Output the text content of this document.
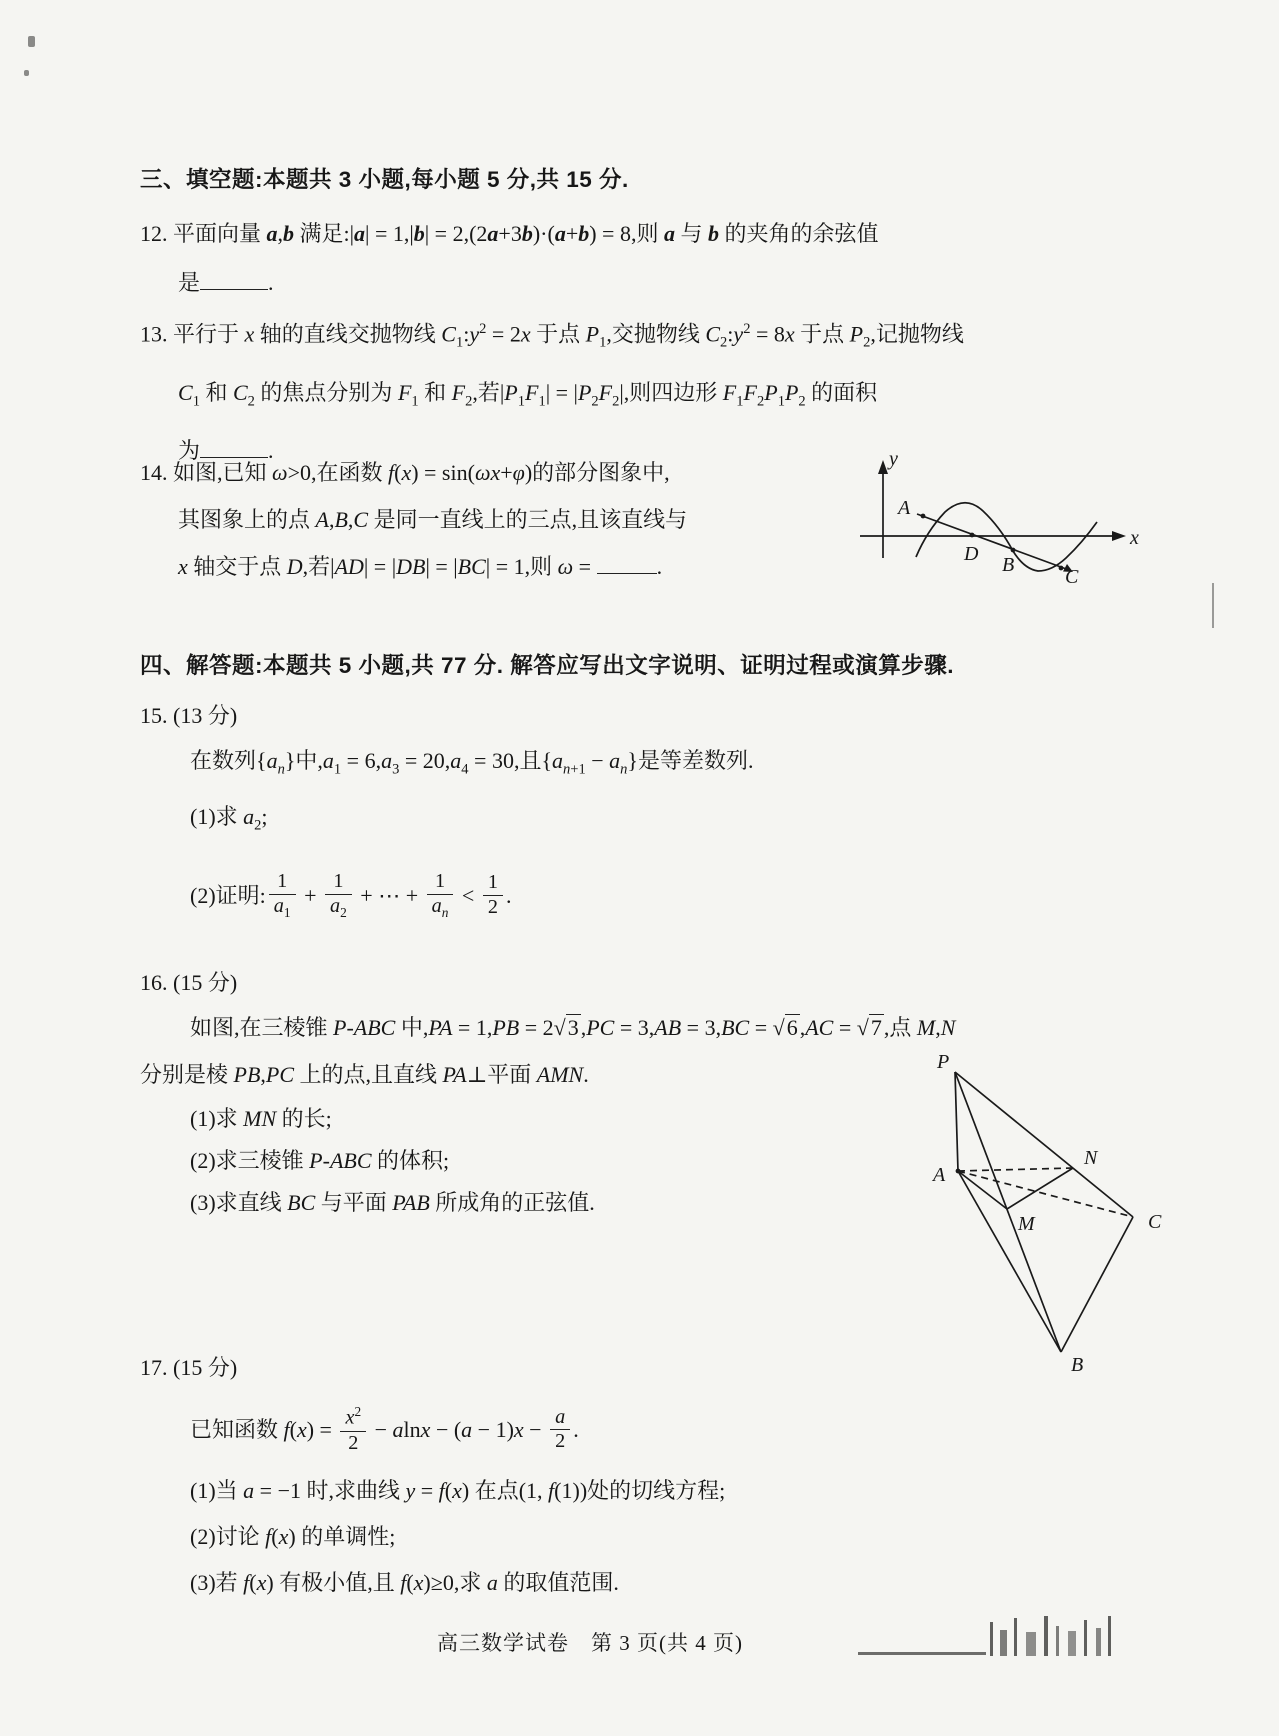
三、填空题:本题共 3 小题,每小题 5 分,共 15 分.
12. 平面向量 a,b 满足:|a| = 1,|b| = 2,(2a+3b)·(a+b) = 8,则 a 与 b 的夹角的余弦值
是	.
13. 平行于 x 轴的直线交抛物线 $C_1:y^2 = 2x$ 于点 $P_1$,交抛物线 $C_2:y^2 = 8x$ 于点 $P_2$,记抛物线
$C_1$ 和 $C_2$ 的焦点分别为 $F_1$ 和 $F_2$,若$|P_1F_1| = |P_2F_2|$,则四边形 $F_1F_2P_1P_2$ 的面积
为	.
14. 如图,已知 ω>0,在函数 f(x) = sin(ωx+φ)的部分图象中,
其图象上的点 A,B,C 是同一直线上的三点,且该直线与
x 轴交于点 D,若|AD| = |DB| = |BC| = 1,则 ω =	.
y
x
A
D B
C
四、解答题:本题共 5 小题,共 77 分. 解答应写出文字说明、证明过程或演算步骤.
15. (13 分)
在数列$\{a_n\}$中$,a_1 = 6,a_3 = 20,a_4 = 30$,且$\{a_{n+1} - a_n\}$是等差数列.
(1)求 $a_2$;
(2)证明: $\frac{1}{a_1} + \frac{1}{a_2}$ + ⋯ + $\frac{1}{a_n} < \frac{1}{2}$ .
16. (15 分)
如图,在三棱锥 P-ABC 中,PA = 1,PB = 2√3,PC = 3,AB = 3,BC = √6,AC = √7,点 M,N
分别是棱 PB,PC 上的点,且直线 PA⊥平面 AMN.
(1)求 MN 的长;
(2)求三棱锥 P-ABC 的体积;
(3)求直线 BC 与平面 PAB 所成角的正弦值.
P
A
N
M	C
B
17. (15 分)
已知函数 $f(x) = \frac{x^2}{2} - alnx - (a - 1)x - \frac{a}{2}$ .
(1)当 a = −1 时,求曲线 y = f(x) 在点(1, f(1))处的切线方程;
(2)讨论 f(x) 的单调性;
(3)若 f(x) 有极小值,且 f(x)≥0,求 a 的取值范围.
高三数学试卷　第 3 页(共 4 页)
